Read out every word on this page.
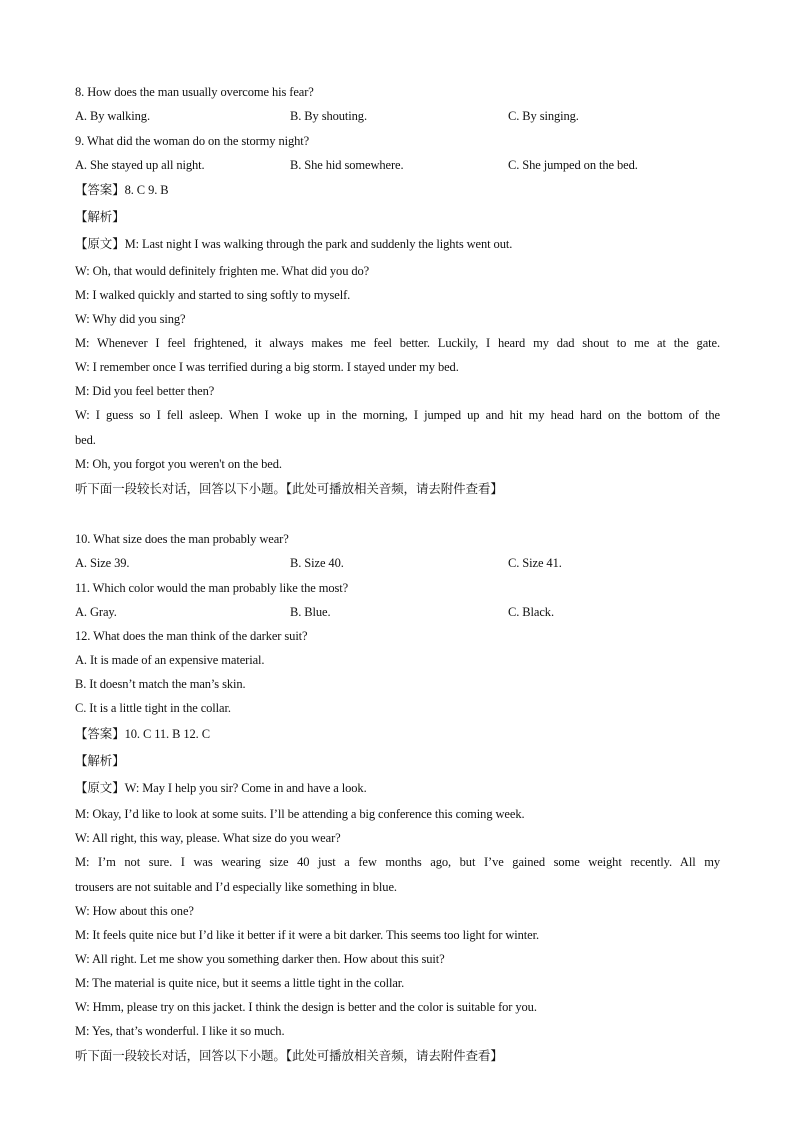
8. How does the man usually overcome his fear?
A. By walking.	B. By shouting.	C. By singing.
9. What did the woman do on the stormy night?
A. She stayed up all night.	B. She hid somewhere.	C. She jumped on the bed.
【答案】8. C 9. B
【解析】
【原文】M: Last night I was walking through the park and suddenly the lights went out.
W: Oh, that would definitely frighten me. What did you do?
M: I walked quickly and started to sing softly to myself.
W: Why did you sing?
M: Whenever I feel frightened, it always makes me feel better. Luckily, I heard my dad shout to me at the gate.
W: I remember once I was terrified during a big storm. I stayed under my bed.
M: Did you feel better then?
W: I guess so I fell asleep. When I woke up in the morning, I jumped up and hit my head hard on the bottom of the
bed.
M: Oh, you forgot you weren't on the bed.
听下面一段较长对话，回答以下小题。【此处可播放相关音频，请去附件查看】
10. What size does the man probably wear?
A. Size 39.	B. Size 40.	C. Size 41.
11. Which color would the man probably like the most?
A. Gray.	B. Blue.	C. Black.
12. What does the man think of the darker suit?
A. It is made of an expensive material.
B. It doesn’t match the man’s skin.
C. It is a little tight in the collar.
【答案】10. C 11. B 12. C
【解析】
【原文】W: May I help you sir? Come in and have a look.
M: Okay, I’d like to look at some suits. I’ll be attending a big conference this coming week.
W: All right, this way, please. What size do you wear?
M: I’m not sure. I was wearing size 40 just a few months ago, but I’ve gained some weight recently. All my
trousers are not suitable and I’d especially like something in blue.
W: How about this one?
M: It feels quite nice but I’d like it better if it were a bit darker. This seems too light for winter.
W: All right. Let me show you something darker then. How about this suit?
M: The material is quite nice, but it seems a little tight in the collar.
W: Hmm, please try on this jacket. I think the design is better and the color is suitable for you.
M: Yes, that’s wonderful. I like it so much.
听下面一段较长对话，回答以下小题。【此处可播放相关音频，请去附件查看】
